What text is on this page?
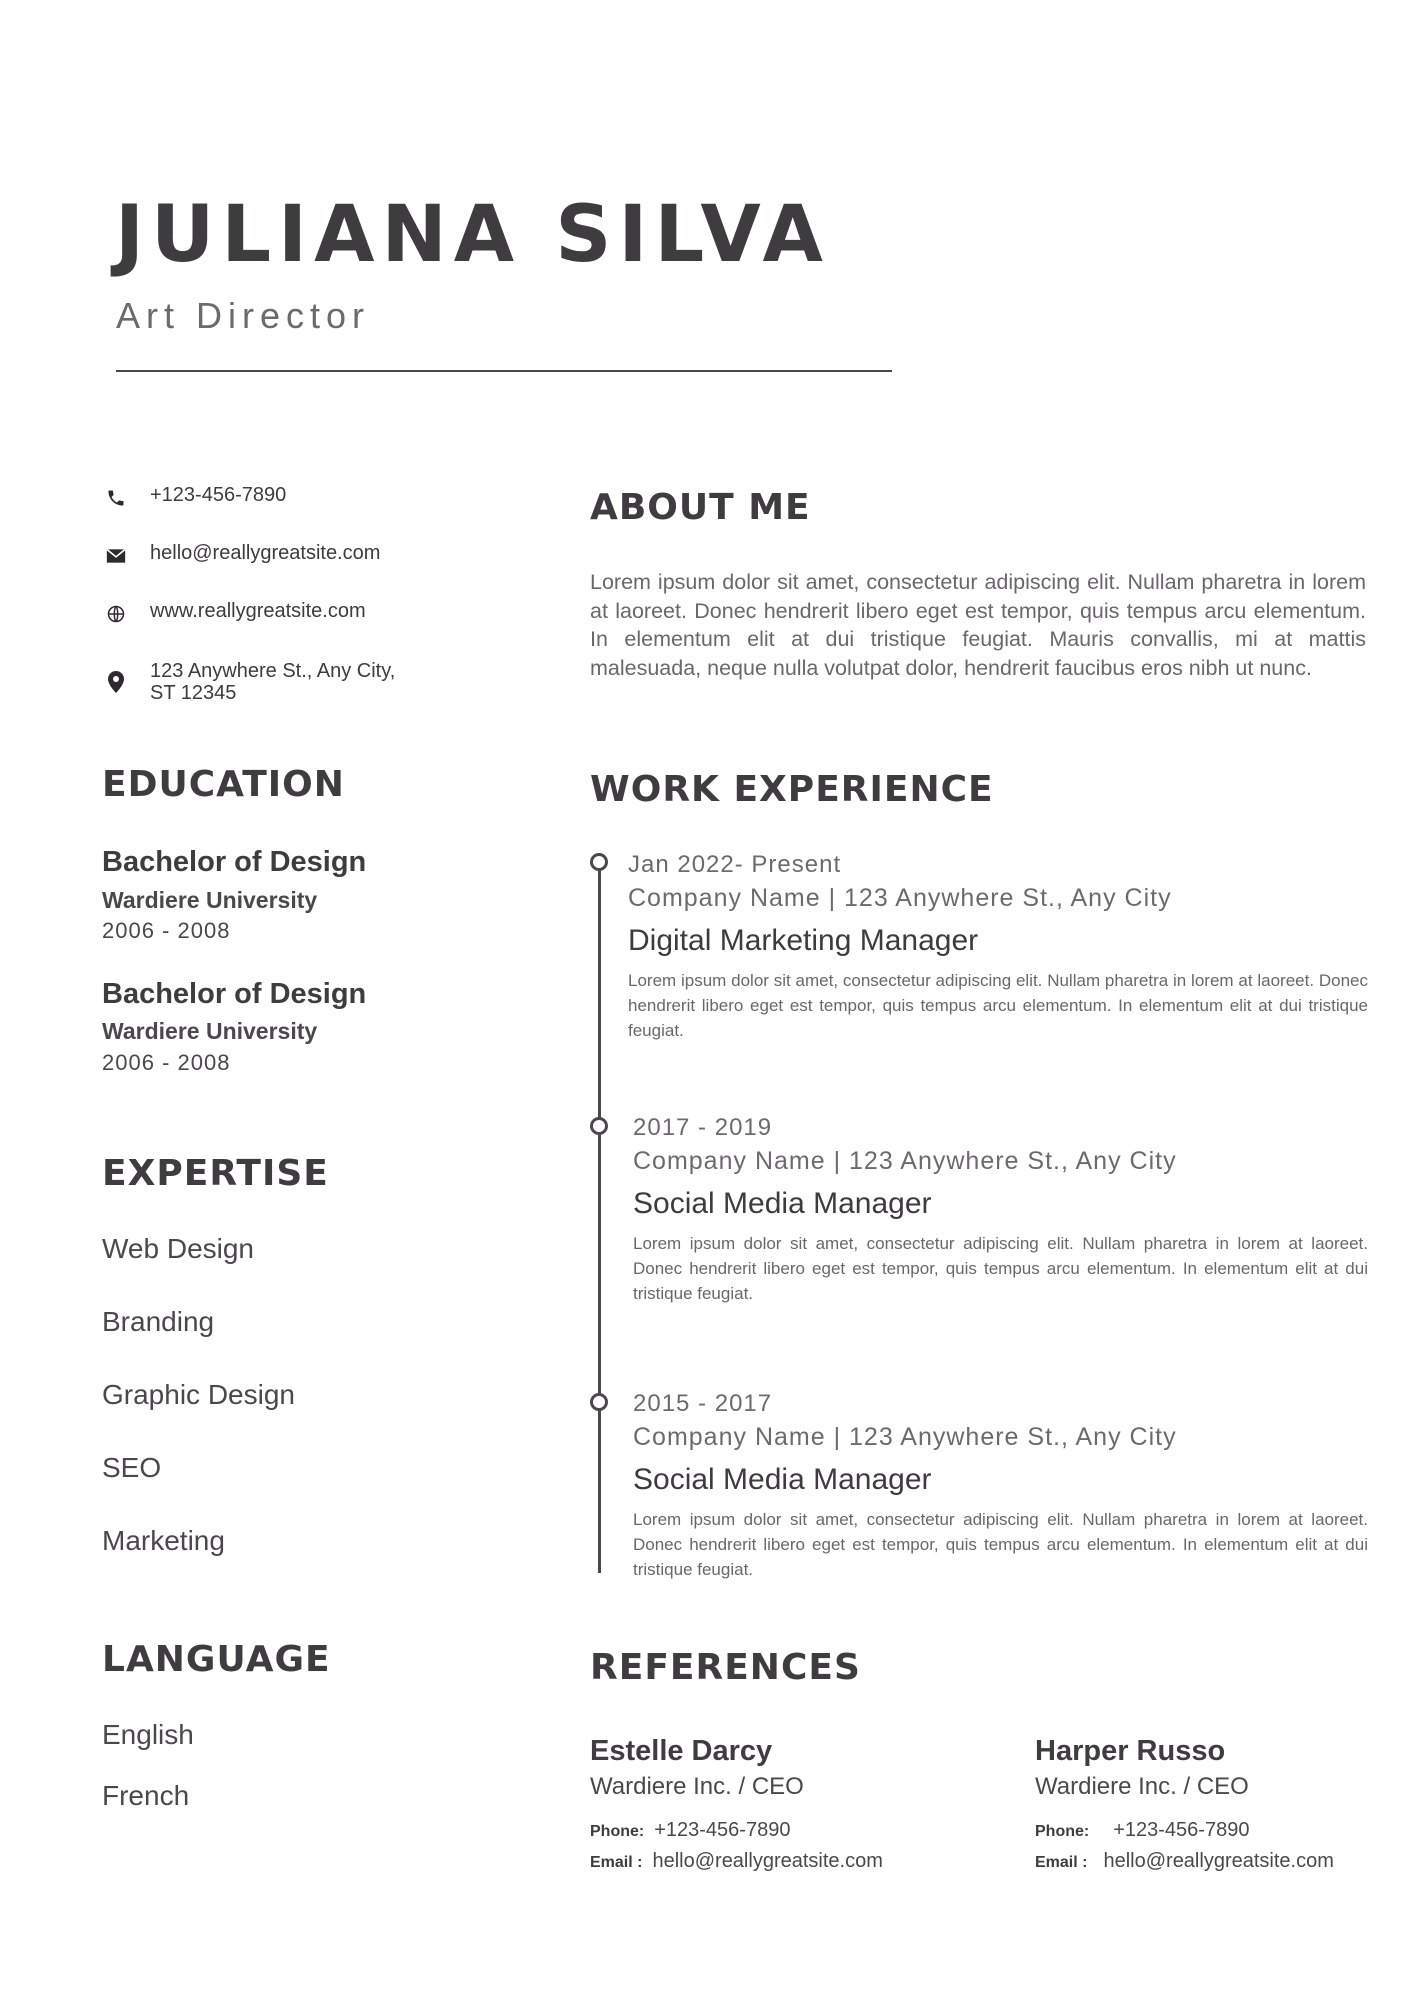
JULIANA SILVA
Art Director
+123-456-7890
hello@reallygreatsite.com
www.reallygreatsite.com
123 Anywhere St., Any City,
ST 12345
EDUCATION
Bachelor of Design
Wardiere University
2006 - 2008
Bachelor of Design
Wardiere University
2006 - 2008
EXPERTISE
Web Design
Branding
Graphic Design
SEO
Marketing
LANGUAGE
English
French
ABOUT ME
Lorem ipsum dolor sit amet, consectetur adipiscing elit. Nullam pharetra in lorem at laoreet. Donec hendrerit libero eget est tempor, quis tempus arcu elementum. In elementum elit at dui tristique feugiat. Mauris convallis, mi at mattis malesuada, neque nulla volutpat dolor, hendrerit faucibus eros nibh ut nunc.
WORK EXPERIENCE
Jan 2022- Present
Company Name | 123 Anywhere St., Any City
Digital Marketing Manager
Lorem ipsum dolor sit amet, consectetur adipiscing elit. Nullam pharetra in lorem at laoreet. Donec hendrerit libero eget est tempor, quis tempus arcu elementum. In elementum elit at dui tristique feugiat.
2017 - 2019
Company Name | 123 Anywhere St., Any City
Social Media Manager
Lorem ipsum dolor sit amet, consectetur adipiscing elit. Nullam pharetra in lorem at laoreet. Donec hendrerit libero eget est tempor, quis tempus arcu elementum. In elementum elit at dui tristique feugiat.
2015 - 2017
Company Name | 123 Anywhere St., Any City
Social Media Manager
Lorem ipsum dolor sit amet, consectetur adipiscing elit. Nullam pharetra in lorem at laoreet. Donec hendrerit libero eget est tempor, quis tempus arcu elementum. In elementum elit at dui tristique feugiat.
REFERENCES
Estelle Darcy
Wardiere Inc. / CEO
Phone: +123-456-7890
Email : hello@reallygreatsite.com
Harper Russo
Wardiere Inc. / CEO
Phone: +123-456-7890
Email : hello@reallygreatsite.com
